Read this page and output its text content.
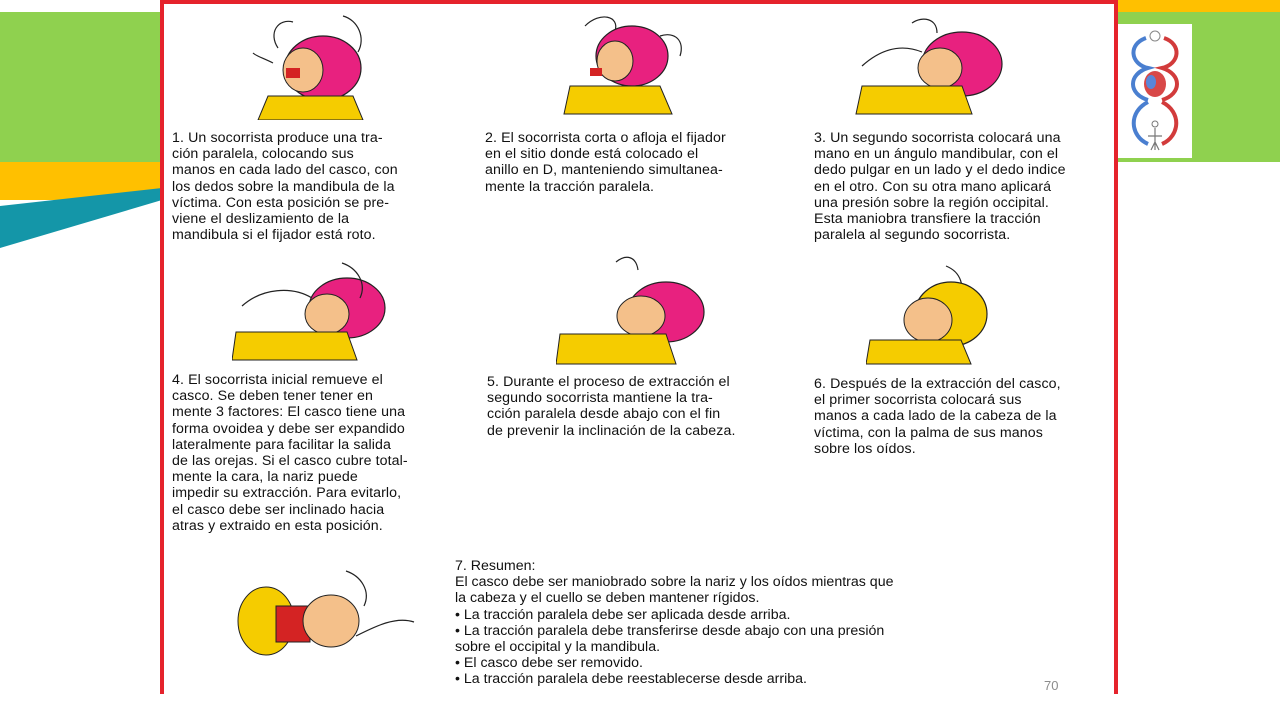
1. Un socorrista produce una tra-
ción paralela, colocando sus
manos en cada lado del casco, con
los dedos sobre la mandibula de la
víctima. Con esta posición se pre-
viene el deslizamiento de la
mandibula si el fijador está roto.
2. El socorrista corta o afloja el fijador
en el sitio donde está colocado el
anillo en D, manteniendo simultanea-
mente la tracción paralela.
3. Un segundo socorrista colocará una
mano en un ángulo mandibular, con el
dedo pulgar en un lado y el dedo indice
en el otro. Con su otra mano aplicará
una presión sobre la región occipital.
Esta maniobra transfiere la tracción
paralela al segundo socorrista.
4. El socorrista inicial remueve el
casco. Se deben tener tener en
mente 3 factores: El casco tiene una
forma ovoidea y debe ser expandido
lateralmente para facilitar la salida
de las orejas. Si el casco cubre total-
mente la cara, la nariz puede
impedir su extracción. Para evitarlo,
el casco debe ser inclinado hacia
atras y extraido en esta posición.
5. Durante el proceso de extracción el
segundo socorrista mantiene la tra-
cción paralela desde abajo con el fin
de prevenir la inclinación de la cabeza.
6. Después de la extracción del casco,
el primer socorrista colocará sus
manos a cada lado de la cabeza de la
víctima, con la palma de sus manos
sobre los oídos.
7. Resumen:
El casco debe ser maniobrado sobre la nariz y los oídos mientras que
la cabeza y el cuello se deben mantener rígidos.
• La tracción paralela debe ser aplicada desde arriba.
• La tracción paralela debe transferirse desde abajo con una presión
sobre el occipital y la mandibula.
• El casco debe ser removido.
• La tracción paralela debe reestablecerse desde arriba.	70
